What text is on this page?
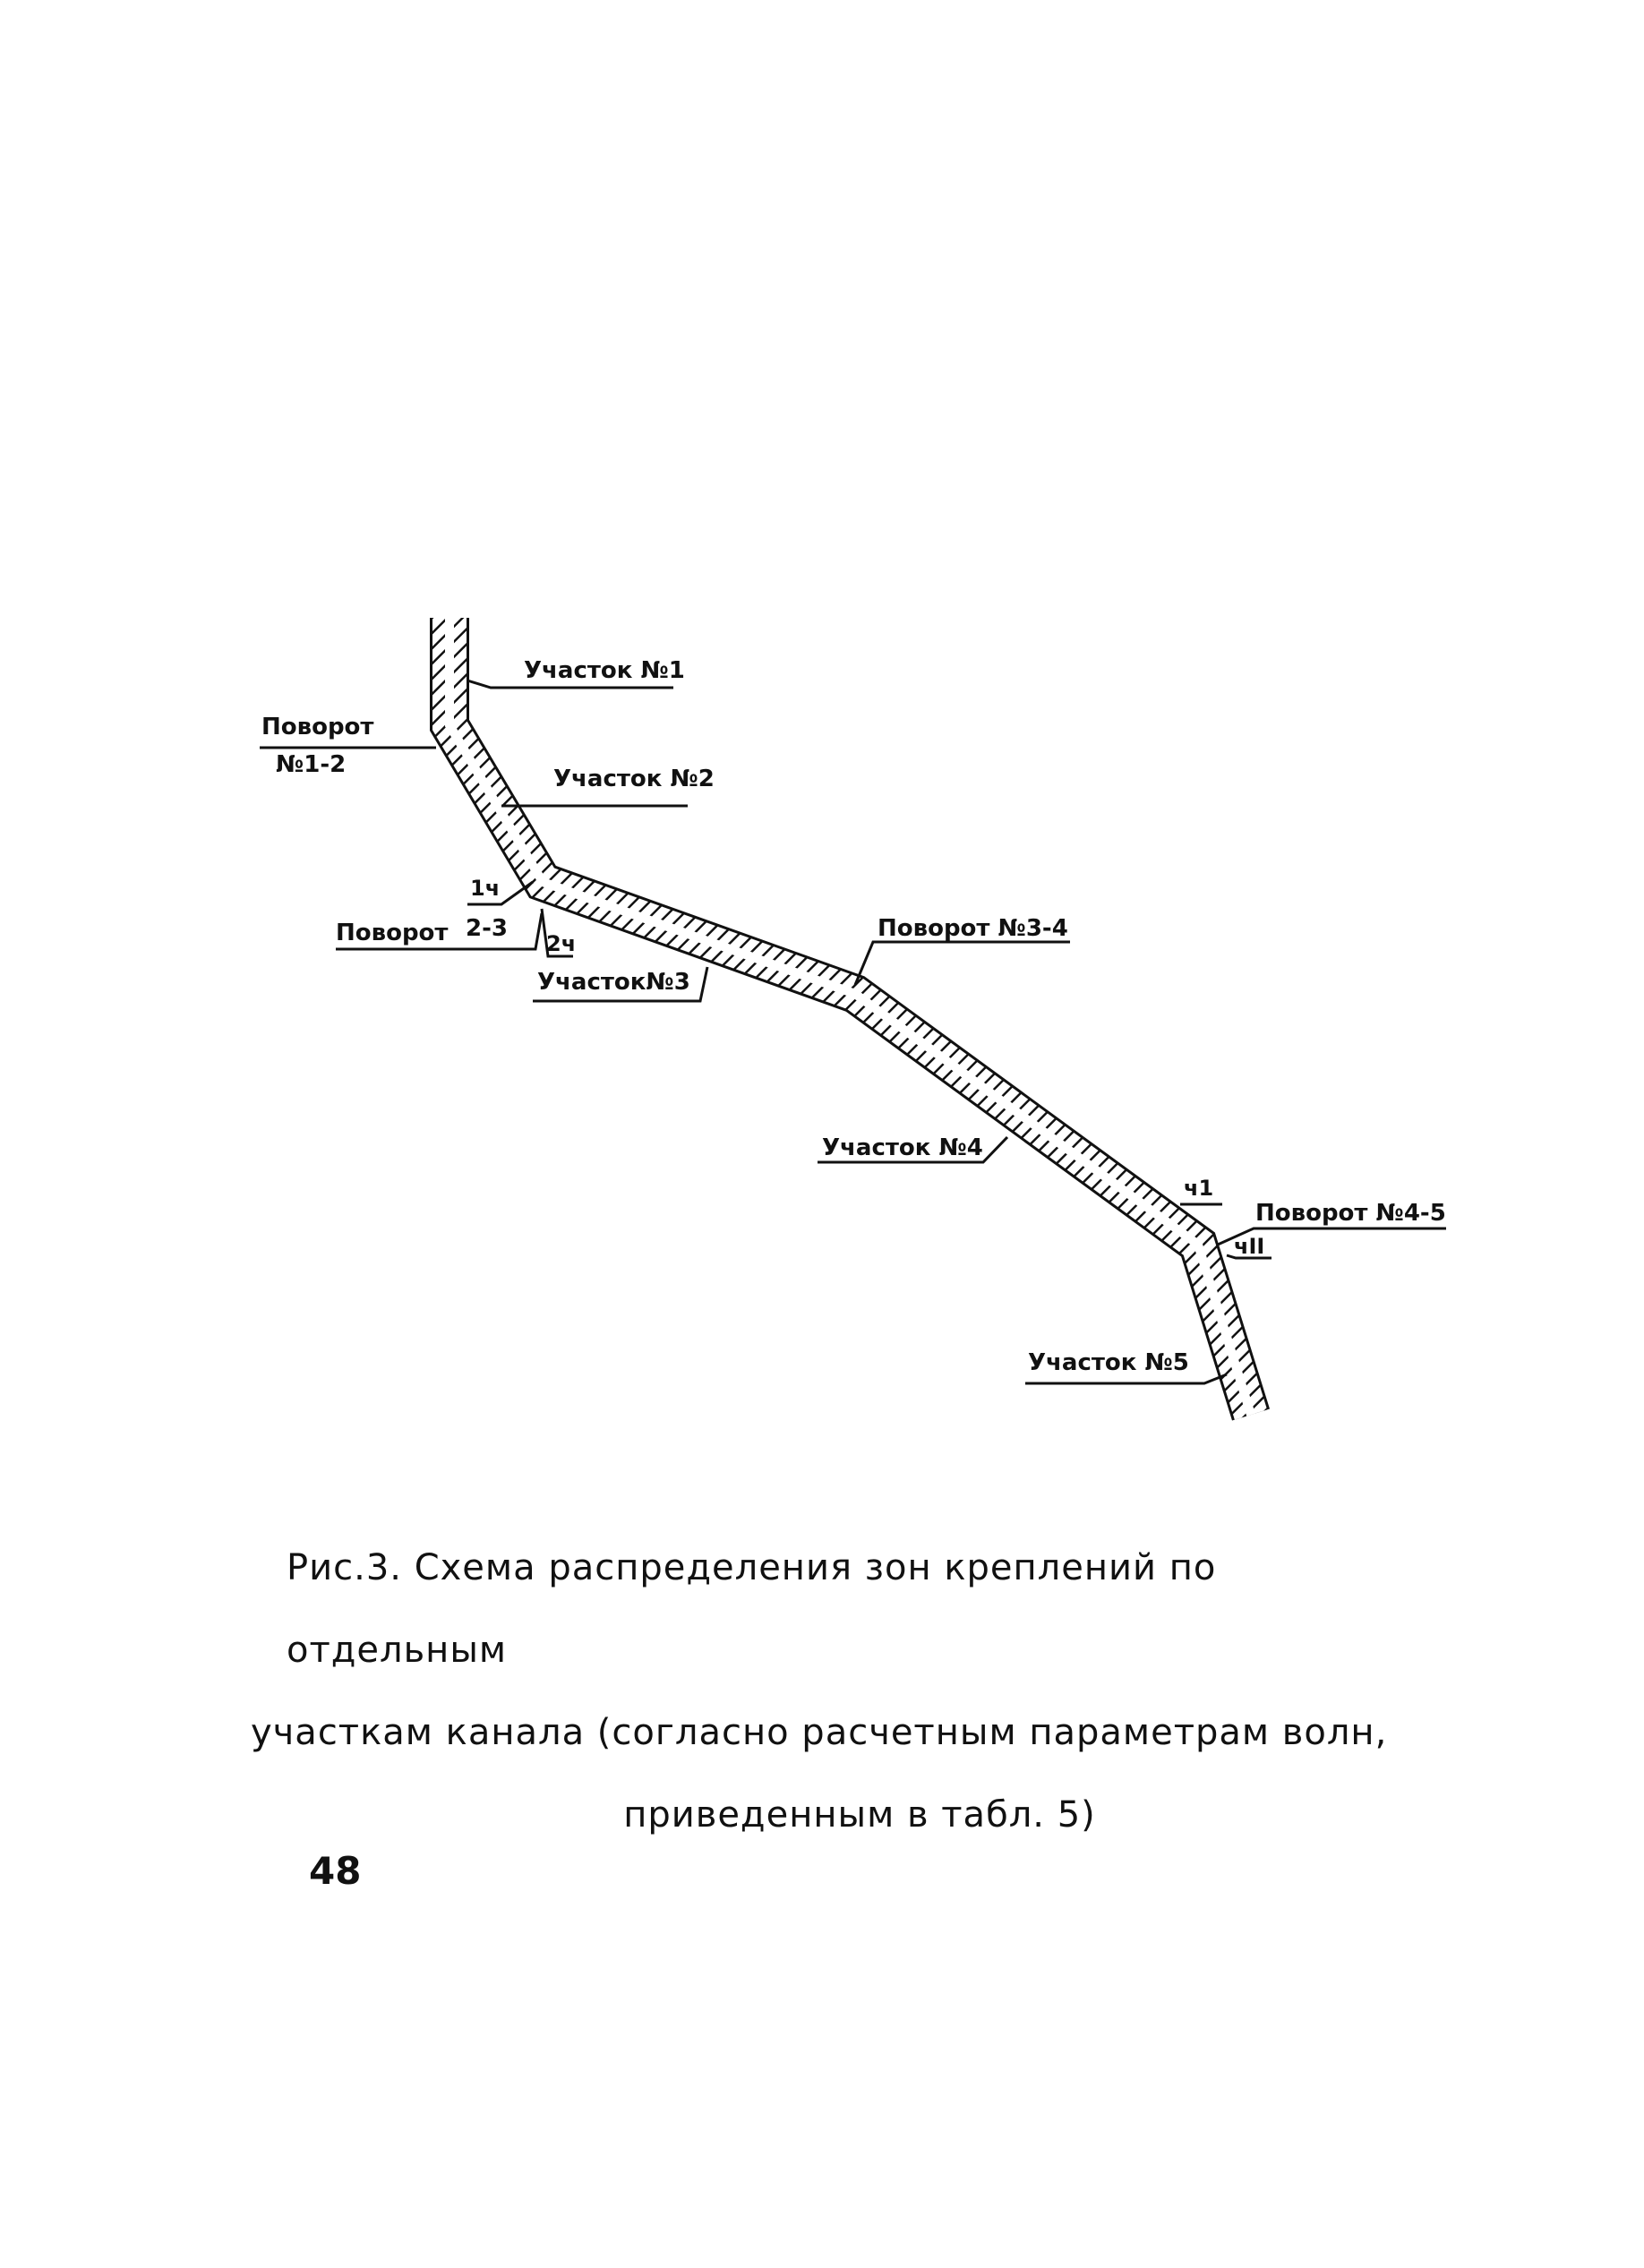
Участок №1
Поворот
№1-2
Участок №2
1ч
Поворот 2-3
2ч
Участок№3
Поворот №3-4
Участок №4
ч1
Поворот №4-5
чII
Участок №5
Рис.3. Схема распределения зон креплений по отдельным
участкам канала (согласно расчетным параметрам волн,
приведенным в табл. 5)
48
